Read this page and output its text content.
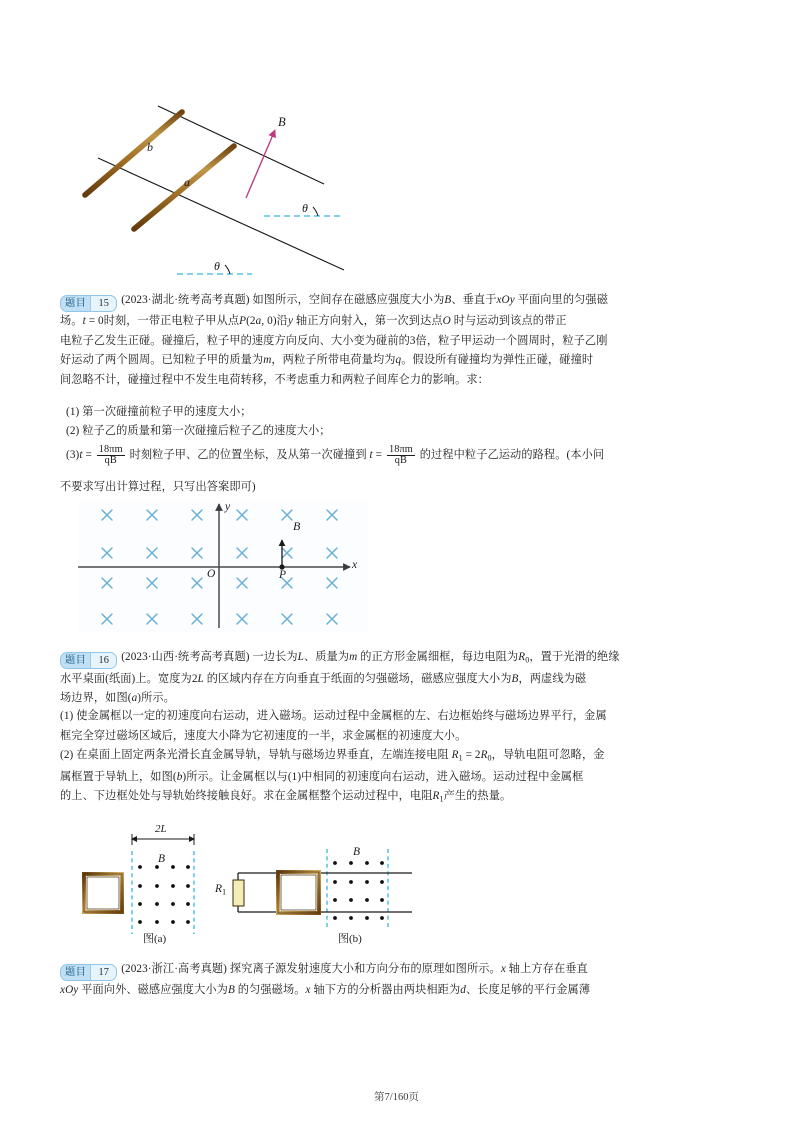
b
a
B
θ
θ
题目	15	(2023·湖北·统考高考真题) 如图所示，空间存在磁感应强度大小为B、垂直于xOy 平面向里的匀强磁
场。t = 0时刻，一带正电粒子甲从点P(2a, 0)沿y 轴正方向射入，第一次到达点O 时与运动到该点的带正
电粒子乙发生正碰。碰撞后，粒子甲的速度方向反向、大小变为碰前的3倍，粒子甲运动一个圆周时，粒子乙刚
好运动了两个圆周。已知粒子甲的质量为m，两粒子所带电荷量均为q。假设所有碰撞均为弹性正碰，碰撞时
间忽略不计，碰撞过程中不发生电荷转移，不考虑重力和两粒子间库仑力的影响。求：
(1) 第一次碰撞前粒子甲的速度大小；
(2) 粒子乙的质量和第一次碰撞后粒子乙的速度大小；
$(3)t = \frac{18\pi m}{qB}$ 时刻粒子甲、乙的位置坐标，及从第一次碰撞到 $t = \frac{18\pi m}{qB}$ 的过程中粒子乙运动的路程。(本小问
不要求写出计算过程，只写出答案即可)
y
x
O	P
B
题目	16	(2023·山西·统考高考真题) 一边长为L、质量为m 的正方形金属细框，每边电阻为$R_0$，置于光滑的绝缘
水平桌面(纸面)上。宽度为2L 的区域内存在方向垂直于纸面的匀强磁场，磁感应强度大小为B，两虚线为磁
场边界，如图(a)所示。
(1) 使金属框以一定的初速度向右运动，进入磁场。运动过程中金属框的左、右边框始终与磁场边界平行，金属
框完全穿过磁场区域后，速度大小降为它初速度的一半，求金属框的初速度大小。
(2) 在桌面上固定两条光滑长直金属导轨，导轨与磁场边界垂直，左端连接电阻 $R_1 = 2R_0$，导轨电阻可忽略，金
属框置于导轨上，如图(b)所示。让金属框以与(1)中相同的初速度向右运动，进入磁场。运动过程中金属框
的上、下边框处处与导轨始终接触良好。求在金属框整个运动过程中，电阻$R_1$产生的热量。
2L
B
图(a)
$R_1$
B
图(b)
题目	17	(2023·浙江·高考真题) 探究离子源发射速度大小和方向分布的原理如图所示。x 轴上方存在垂直
xOy 平面向外、磁感应强度大小为B 的匀强磁场。x 轴下方的分析器由两块相距为d、长度足够的平行金属薄
第7/160页
